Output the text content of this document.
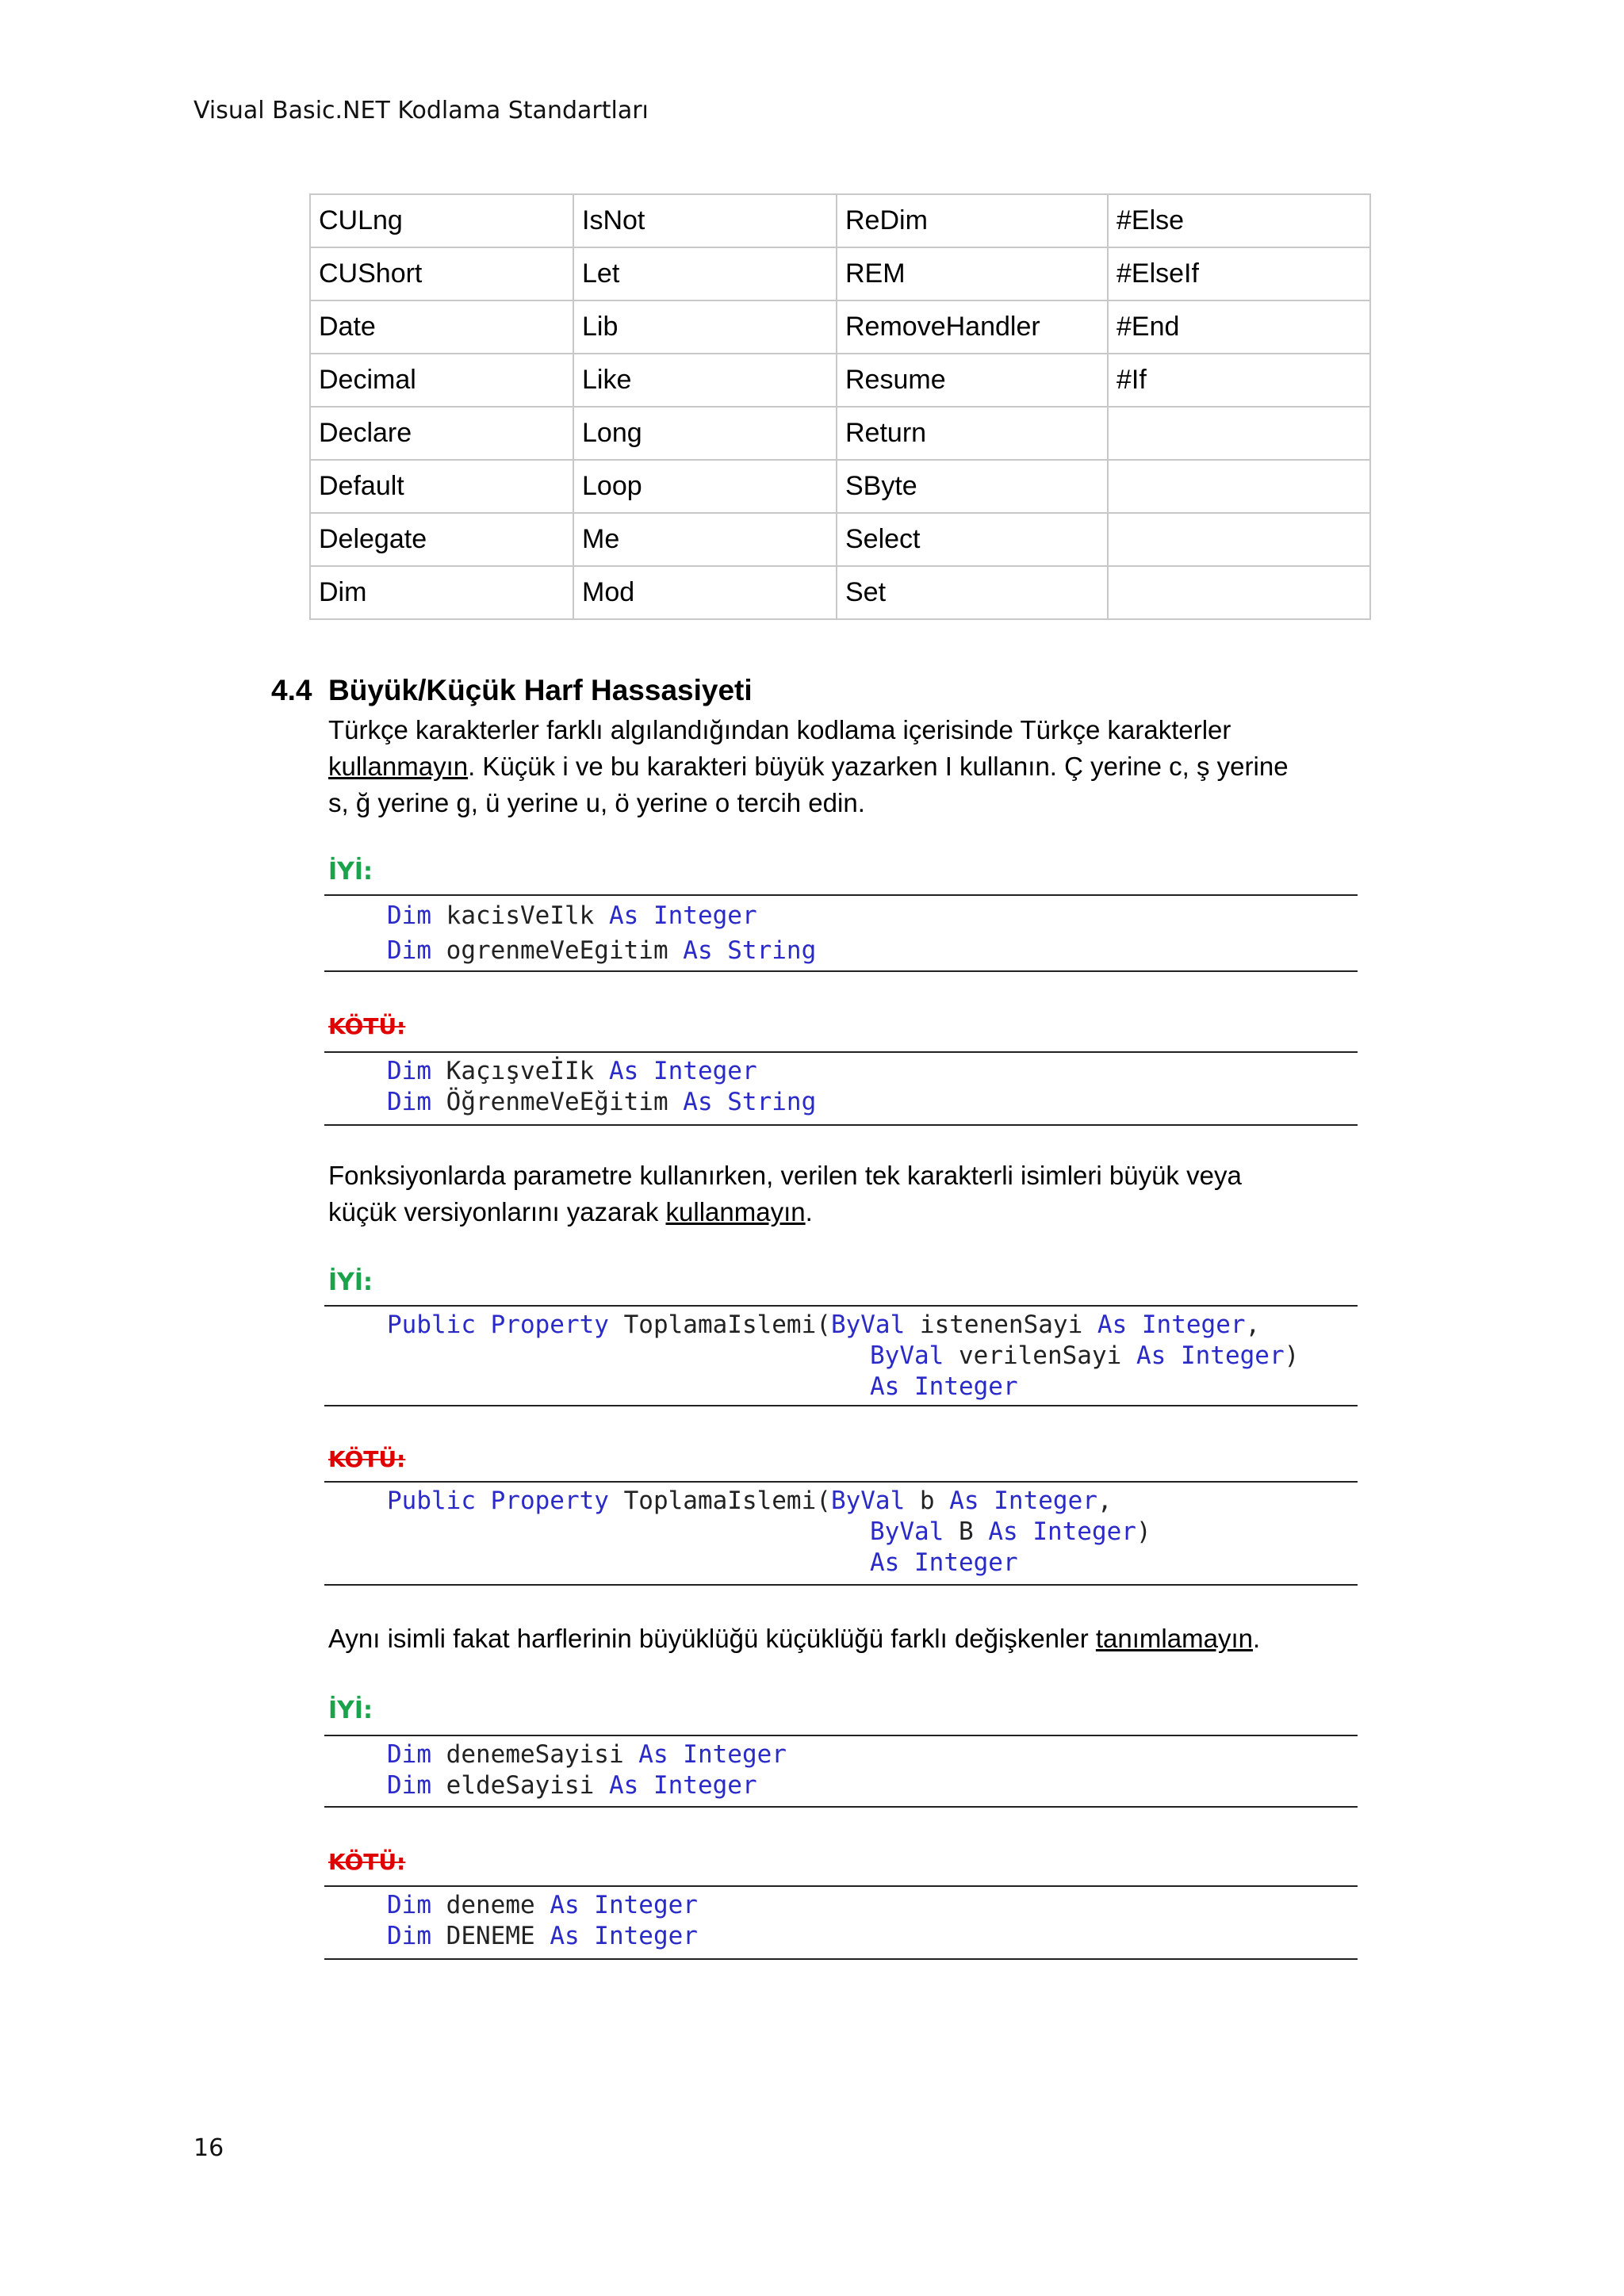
Visual Basic.NET Kodlama Standartları
CULng	IsNot	ReDim	#Else
CUShort	Let	REM	#ElseIf
Date	Lib	RemoveHandler	#End
Decimal	Like	Resume	#If
Declare	Long	Return	
Default	Loop	SByte	
Delegate	Me	Select	
Dim	Mod	Set	
4.4 Büyük/Küçük Harf Hassasiyeti
Türkçe karakterler farklı algılandığından kodlama içerisinde Türkçe karakterler
kullanmayın. Küçük i ve bu karakteri büyük yazarken I kullanın. Ç yerine c, ş yerine
s, ğ yerine g, ü yerine u, ö yerine o tercih edin.
İYİ:
Dim kacisVeIlk As Integer
Dim ogrenmeVeEgitim As String
KÖTÜ:
Dim KaçışveİIk As Integer
Dim ÖğrenmeVeEğitim As String
Fonksiyonlarda parametre kullanırken, verilen tek karakterli isimleri büyük veya
küçük versiyonlarını yazarak kullanmayın.
İYİ:
Public Property ToplamaIslemi(ByVal istenenSayi As Integer,
ByVal verilenSayi As Integer)
As Integer
KÖTÜ:
Public Property ToplamaIslemi(ByVal b As Integer,
ByVal B As Integer)
As Integer
Aynı isimli fakat harflerinin büyüklüğü küçüklüğü farklı değişkenler tanımlamayın.
İYİ:
Dim denemeSayisi As Integer
Dim eldeSayisi As Integer
KÖTÜ:
Dim deneme As Integer
Dim DENEME As Integer
16
